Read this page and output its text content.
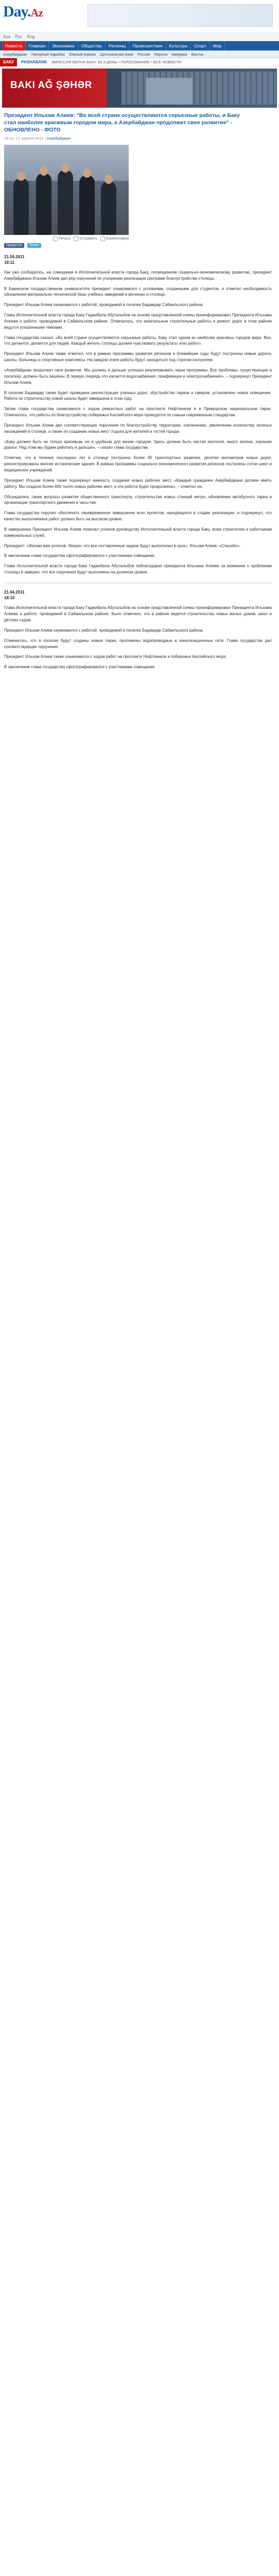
Day.Az
Azə Рус Eng
Новости	Главная	Экономика	Общество	Регионы	Происшествия	Культура	Спорт	Мир
Азербайджан Нагорный Карабах Южный Кавказ Центральная Азия Россия Европа Америка Восток
БАКУ	PASHABANK ЭМИССИЯ ВЕРНА БАКУ ЗА 8 ДЕНЬ • ГОЛОСОВАНИЕ • ВСЕ НОВОСТИ
BAKI AĞ ŞƏHƏR
Президент Ильхам Алиев: "Во всей стране осуществляются серьезные работы, и Баку стал наиболее красивым городом мира, а Азербайджан продолжит свое развитие" - ОБНОВЛЕНО - ФОТО
18:12, 21 апреля 2011 | Азербайджан
Печать Отправить Комментарии
Нравится	Tweet
21.04.2011
18:11

Как уже сообщалось, на совещании в Исполнительной власти города Баку, посвященном социально-экономическому развитию, президент Азербайджана Ильхам Алиев дал ряд поручений по ускорению реализации программ благоустройства столицы.

В Бакинском государственном университете президент ознакомился с условиями, созданными для студентов, и отметил необходимость обновления материально-технической базы учебных заведений в регионах и столице.

Президент Ильхам Алиев ознакомился с работой, проводимой в поселке Бадамдар Сабаильского района.

Глава Исполнительной власти города Баку Гаджибала Абуталыбов на основе представленной схемы проинформировал Президента Ильхама Алиева о работе, проводимой в Сабаильском районе. Отмечалось, что капитальные строительные работы и ремонт дорог в этом районе ведутся ускоренными темпами.

Глава государства сказал: «Во всей стране осуществляются серьезные работы. Баку стал одним из наиболее красивых городов мира. Все, что делается, делается для людей. Каждый житель столицы должен чувствовать результаты этих работ».

Президент Ильхам Алиев также отметил, что в рамках программы развития регионов в ближайшие годы будут построены новые дороги, школы, больницы и спортивные комплексы. На каждом этапе работы будут находиться под строгим контролем.

«Азербайджан продолжит свое развитие. Мы должны и дальше успешно реализовывать наши программы. Все проблемы, существующие в поселках, должны быть решены. В первую очередь это касается водоснабжения, газификации и электроснабжения», – подчеркнул Президент Ильхам Алиев.

В поселке Бадамдар также будет проведена реконструкция уличных дорог, обустройство парков и скверов, установлено новое освещение. Работа по строительству новой школы будет завершена в этом году.

Затем глава государства ознакомился с ходом ремонтных работ на проспекте Нефтяников и в Приморском национальном парке. Отмечалось, что работы по благоустройству побережья Каспийского моря проводятся по самым современным стандартам.

Президент Ильхам Алиев дал соответствующие поручения по благоустройству территории, озеленению, увеличению количества зеленых насаждений в столице, а также по созданию новых мест отдыха для жителей и гостей города.

«Баку должен быть не только красивым, но и удобным для жизни городом. Здесь должна быть чистая экология, много зелени, хорошие дороги. Над этим мы будем работать и дальше», – сказал глава государства.

Отметим, что в течение последних лет в столице построено более 30 транспортных развязок, десятки километров новых дорог, реконструированы многие исторические здания. В рамках программы социально-экономического развития регионов построены сотни школ и медицинских учреждений.

Президент Ильхам Алиев также подчеркнул важность создания новых рабочих мест. «Каждый гражданин Азербайджана должен иметь работу. Мы создали более 800 тысяч новых рабочих мест, и эта работа будет продолжена», – отметил он.

Обсуждались также вопросы развития общественного транспорта, строительства новых станций метро, обновления автобусного парка и организации транспортного движения в часы пик.

Глава государства поручил обеспечить своевременное завершение всех проектов, находящихся в стадии реализации, и подчеркнул, что качество выполняемых работ должно быть на высоком уровне.

В завершение Президент Ильхам Алиев пожелал успехов руководству Исполнительной власти города Баку, всем строителям и работникам коммунальных служб.

Президент: «Желаю вам успехов. Уверен, что все поставленные задачи будут выполнены в срок». Ильхам Алиев: «Спасибо».

В заключение глава государства сфотографировался с участниками совещания.

Глава Исполнительной власти города Баку Гаджибала Абуталыбов поблагодарил президента Ильхама Алиева за внимание к проблемам столицы и заверил, что все поручения будут выполнены на должном уровне.

21.04.2011
18:10

Глава Исполнительной власти города Баку Гаджибала Абуталыбов на основе представленной схемы проинформировал Президента Ильхама Алиева о работе, проводимой в Сабаильском районе. Было отмечено, что в районе ведется строительство новых жилых домов, школ и детских садов.

Президент Ильхам Алиев ознакомился с работой, проводимой в поселке Бадамдар Сабаильского района.

Отмечалось, что в поселке будут созданы новые парки, проложены водопроводные и канализационные сети. Глава государства дал соответствующие поручения.

Президент Ильхам Алиев также ознакомился с ходом работ на проспекте Нефтяников и побережье Каспийского моря.

В заключение глава государства сфотографировался с участниками совещания.
